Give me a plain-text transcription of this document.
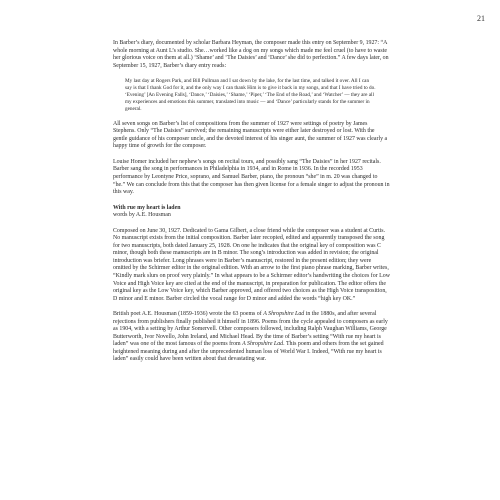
21

In Barber’s diary, documented by scholar Barbara Heyman, the composer made this entry on September 9, 1927: “A whole morning at Aunt L’s studio. She…worked like a dog on my songs which made me feel cruel (to have to waste her glorious voice on them at all.) ‘Shame’ and ‘The Daisies’ and ‘Dance’ she did to perfection.” A few days later, on September 15, 1927, Barber’s diary entry reads:

My last day at Rogers Park, and Bill Pullman and I sat down by the lake, for the last time, and talked it over. All I can say is that I thank God for it, and the only way I can thank Him is to give it back in my songs, and that I have tried to do. ‘Evening’ [An Evening Falls], ‘Dance,’ ‘Daisies,’ ‘Shame,’ ‘Piper,’ ‘The End of the Road,’ and ‘Watcher’ — they are all my experiences and emotions this summer, translated into music — and ‘Dance’ particularly stands for the summer in general.

All seven songs on Barber’s list of compositions from the summer of 1927 were settings of poetry by James Stephens. Only “The Daisies” survived; the remaining manuscripts were either later destroyed or lost. With the gentle guidance of his composer uncle, and the devoted interest of his singer aunt, the summer of 1927 was clearly a happy time of growth for the composer.

Louise Homer included her nephew’s songs on recital tours, and possibly sang “The Daisies” in her 1927 recitals. Barber sang the song in performances in Philadelphia in 1934, and in Rome in 1936. In the recorded 1953 performance by Leontyne Price, soprano, and Samuel Barber, piano, the pronoun “she” in m. 20 was changed to “he.” We can conclude from this that the composer has then given license for a female singer to adjust the pronoun in this way.

With rue my heart is laden

words by A.E. Housman

Composed on June 30, 1927. Dedicated to Gama Gilbert, a close friend while the composer was a student at Curtis. No manuscript exists from the initial composition. Barber later recopied, edited and apparently transposed the song for two manuscripts, both dated January 25, 1928. On one he indicates that the original key of composition was C minor, though both these manuscripts are in B minor. The song’s introduction was added in revision; the original introduction was briefer. Long phrases were in Barber’s manuscript, restored in the present edition; they were omitted by the Schirmer editor in the original edition. With an arrow to the first piano phrase marking, Barber writes, “Kindly mark slurs on proof very plainly.” In what appears to be a Schirmer editor’s handwriting the choices for Low Voice and High Voice key are cited at the end of the manuscript, in preparation for publication. The editor offers the original key as the Low Voice key, which Barber approved, and offered two choices as the High Voice transposition, D minor and E minor. Barber circled the vocal range for D minor and added the words “high key OK.”

British poet A.E. Housman (1859-1936) wrote the 63 poems of A Shropshire Lad in the 1880s, and after several rejections from publishers finally published it himself in 1896. Poems from the cycle appealed to composers as early as 1904, with a setting by Arthur Somervell. Other composers followed, including Ralph Vaughan Williams, George Butterworth, Ivor Novello, John Ireland, and Michael Head. By the time of Barber’s setting “With rue my heart is laden” was one of the most famous of the poems from A Shropshire Lad. This poem and others from the set gained heightened meaning during and after the unprecedented human loss of World War I. Indeed, “With rue my heart is laden” easily could have been written about that devastating war.
